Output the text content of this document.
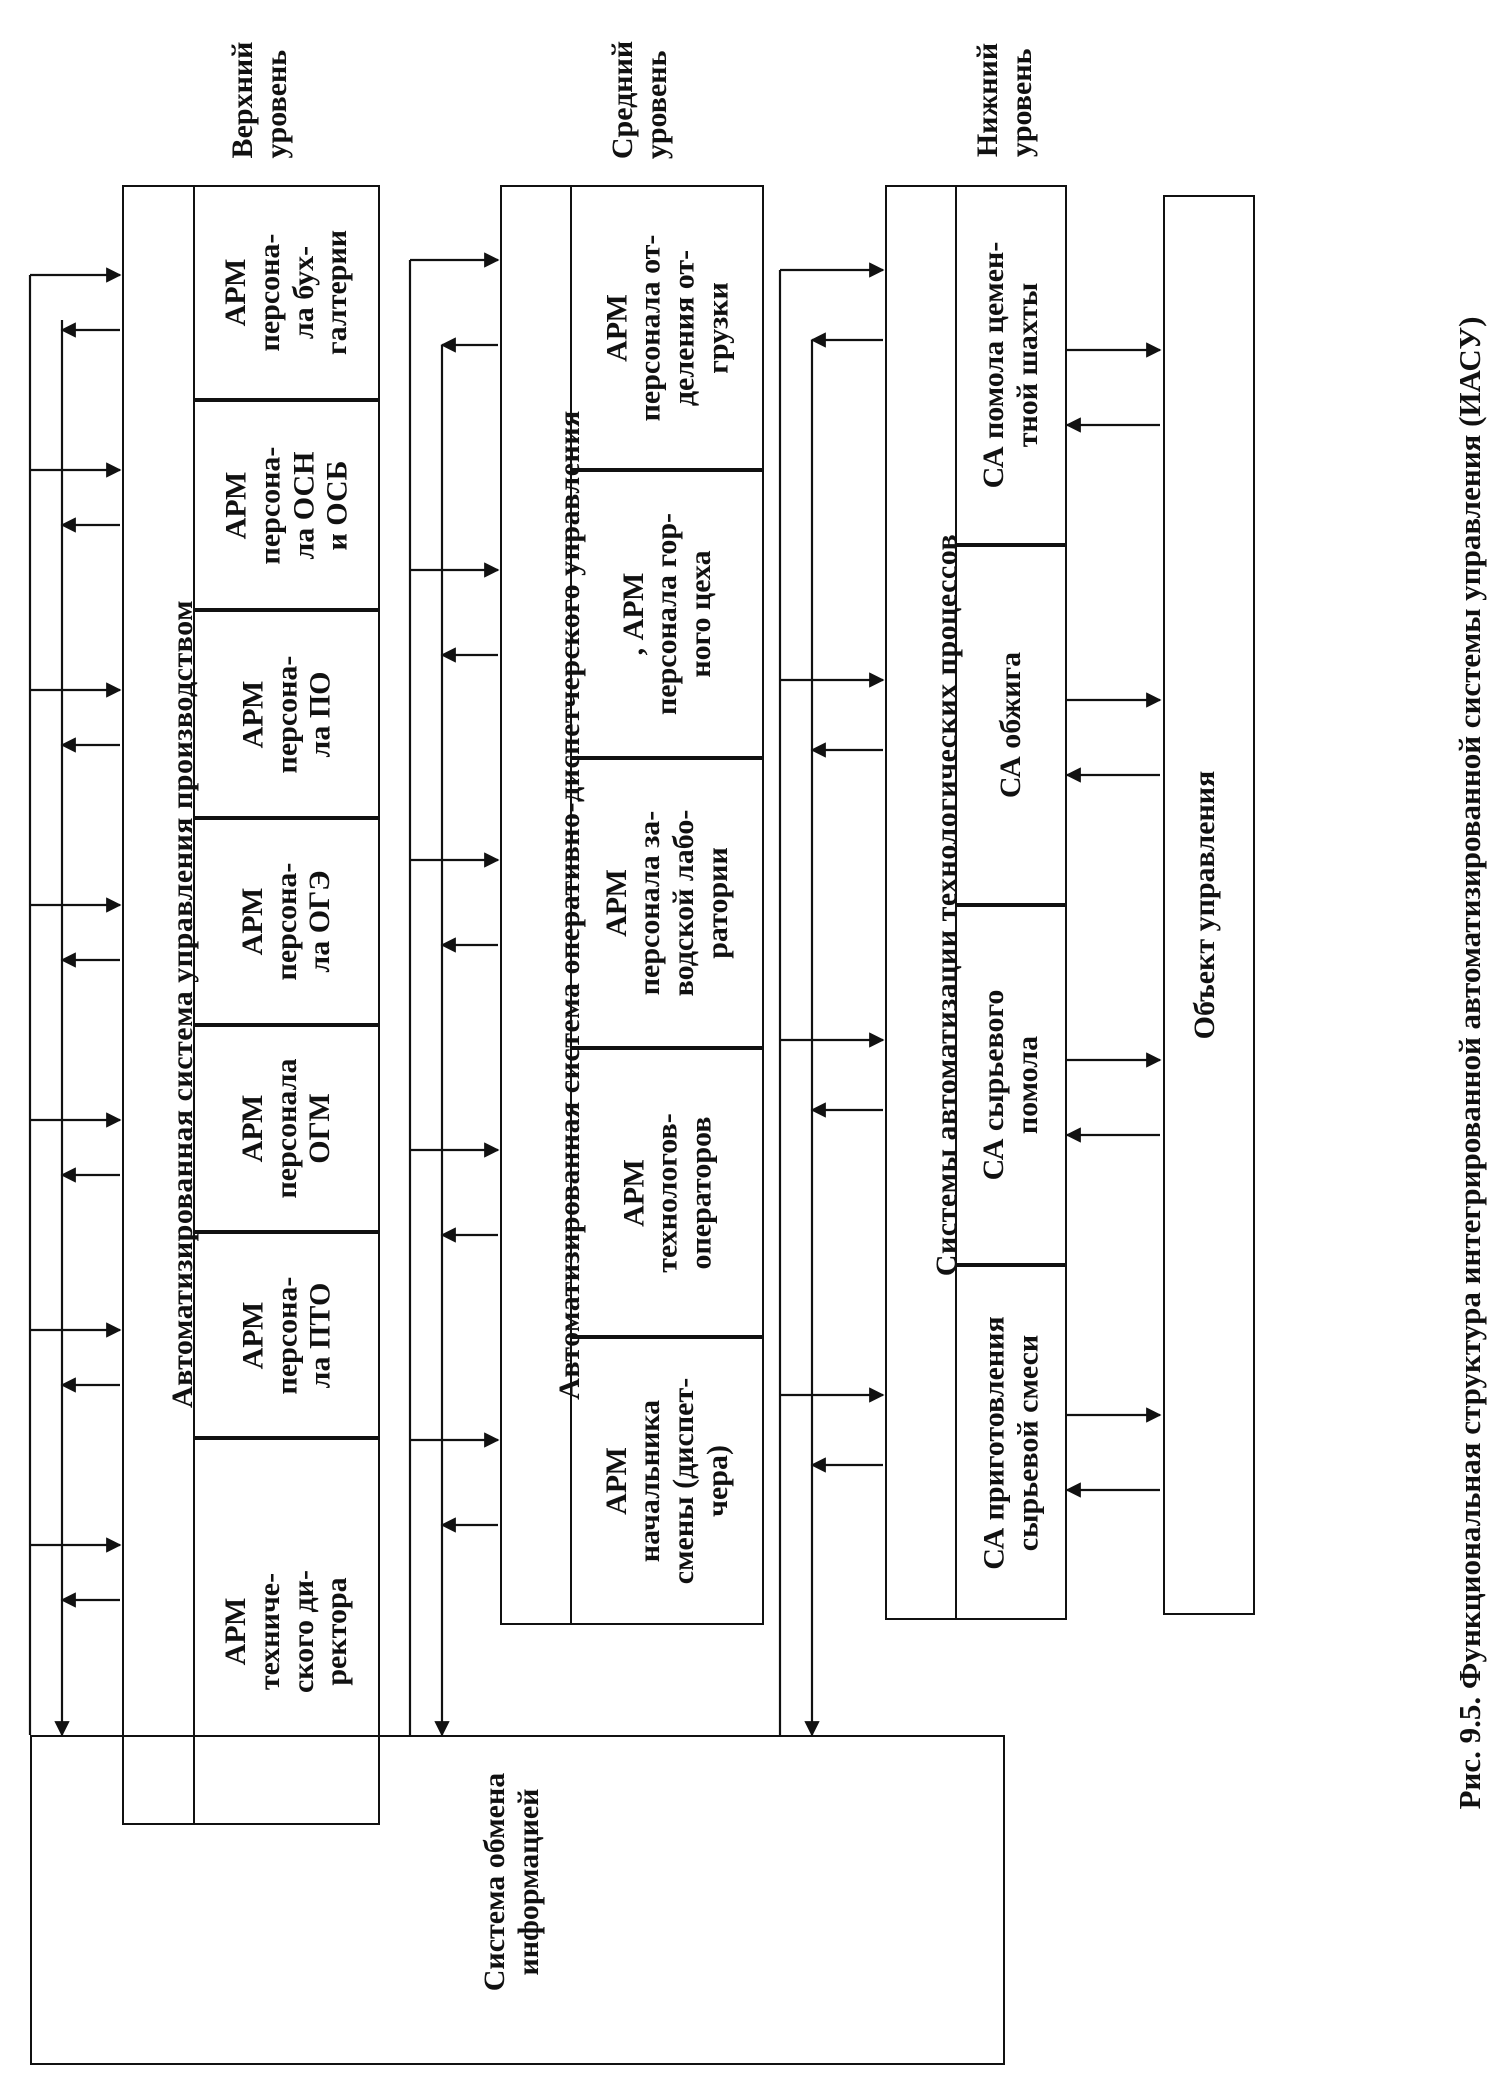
Верхний
уровень	Средний
уровень	Нижний
уровень
Автоматизированная система управления производством	Автоматизированная система оперативно-диспетчерского управления	Системы автоматизации технологических процессов	Объект управления
Система обмена
информацией
Рис. 9.5. Функциональная структура интегрированной автоматизированной системы управления (ИАСУ)
АРМ
персонала от-
деления от-
грузки
, АРМ
персонала гор-
ного цеха
АРМ
персонала за-
водской лабо-
ратории
АРМ
технологов-
операторов
АРМ
начальника
смены (диспет-
чера)
СА помола цемен-
тной шахты
СА обжига
СА сырьевого
помола
СА приготовления
сырьевой смеси
АРМ
персона-
ла бух-
галтерии
АРМ
персона-
ла ОСН
и ОСБ
АРМ
персона-
ла ПО
АРМ
персона-
ла ОГЭ
АРМ
персонала
ОГМ
АРМ
персона-
ла ПТО
АРМ
техниче-
ского ди-
ректора
